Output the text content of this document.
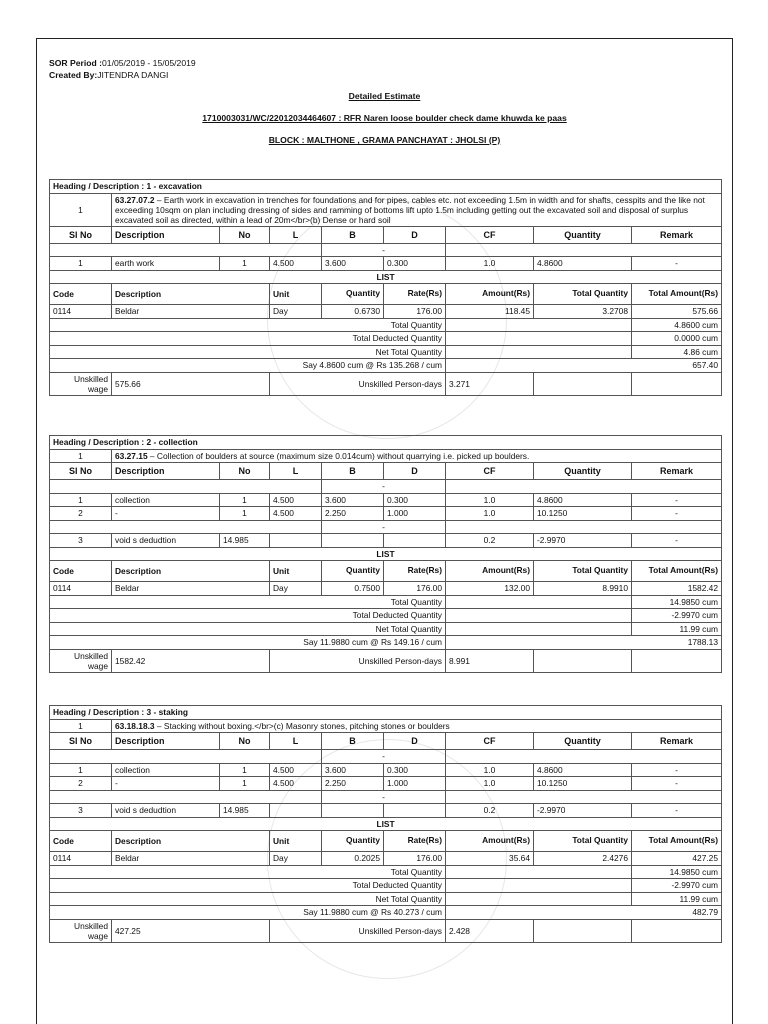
SOR Period :01/05/2019 - 15/05/2019
Created By:JITENDRA DANGI
Detailed Estimate
1710003031/WC/22012034464607 : RFR Naren loose boulder check dame khuwda ke paas
BLOCK : MALTHONE , GRAMA PANCHAYAT : JHOLSI (P)
Heading / Description : 1 - excavation								
1	63.27.07.2 – Earth work in excavation in trenches for foundations and for pipes, cables etc. not exceeding 1.5m in width and for shafts, cesspits and the like not exceeding 10sqm on plan including dressing of sides and ramming of bottoms lift upto 1.5m including getting out the excavated soil and disposal of surplus excavated soil as directed, within a lead of 20m</br>(b) Dense or hard soil							
Sl No	Description	No	L	B	D	CF	Quantity	Remark
				-				
1	earth work	1	4.500	3.600	0.300	1.0	4.8600	-
LIST								
Code	Description	Unit	Quantity	Rate(Rs)	Amount(Rs)	Total Quantity	Total Amount(Rs)
0114	Beldar	Day	0.6730	176.00	118.45	3.2708	575.66
Total Quantity							4.8600 cum
Total Deducted Quantity							0.0000 cum
Net Total Quantity							4.86 cum
Say 4.8600 cum @ Rs 135.268 / cum					657.40		
Unskilled wage	575.66	Unskilled Person-days			3.271		
Heading / Description : 2 - collection								
1	63.27.15 – Collection of boulders at source (maximum size 0.014cum) without quarrying i.e. picked up boulders.							
Sl No	Description	No	L	B	D	CF	Quantity	Remark
				-				
1	collection	1	4.500	3.600	0.300	1.0	4.8600	-
2	-	1	4.500	2.250	1.000	1.0	10.1250	-
				-				
3	void s dedudtion	14.985				0.2	-2.9970	-
LIST								
Code	Description	Unit	Quantity	Rate(Rs)	Amount(Rs)	Total Quantity	Total Amount(Rs)
0114	Beldar	Day	0.7500	176.00	132.00	8.9910	1582.42
Total Quantity							14.9850 cum
Total Deducted Quantity							-2.9970 cum
Net Total Quantity							11.99 cum
Say 11.9880 cum @ Rs 149.16 / cum					1788.13		
Unskilled wage	1582.42	Unskilled Person-days			8.991		
Heading / Description : 3 - staking								
1	63.18.18.3 – Stacking without boxing.</br>(c) Masonry stones, pitching stones or boulders							
Sl No	Description	No	L	B	D	CF	Quantity	Remark
				-				
1	collection	1	4.500	3.600	0.300	1.0	4.8600	-
2	-	1	4.500	2.250	1.000	1.0	10.1250	-
				-				
3	void s dedudtion	14.985				0.2	-2.9970	-
LIST								
Code	Description	Unit	Quantity	Rate(Rs)	Amount(Rs)	Total Quantity	Total Amount(Rs)
0114	Beldar	Day	0.2025	176.00	35.64	2.4276	427.25
Total Quantity							14.9850 cum
Total Deducted Quantity							-2.9970 cum
Net Total Quantity							11.99 cum
Say 11.9880 cum @ Rs 40.273 / cum					482.79		
Unskilled wage	427.25	Unskilled Person-days			2.428		
